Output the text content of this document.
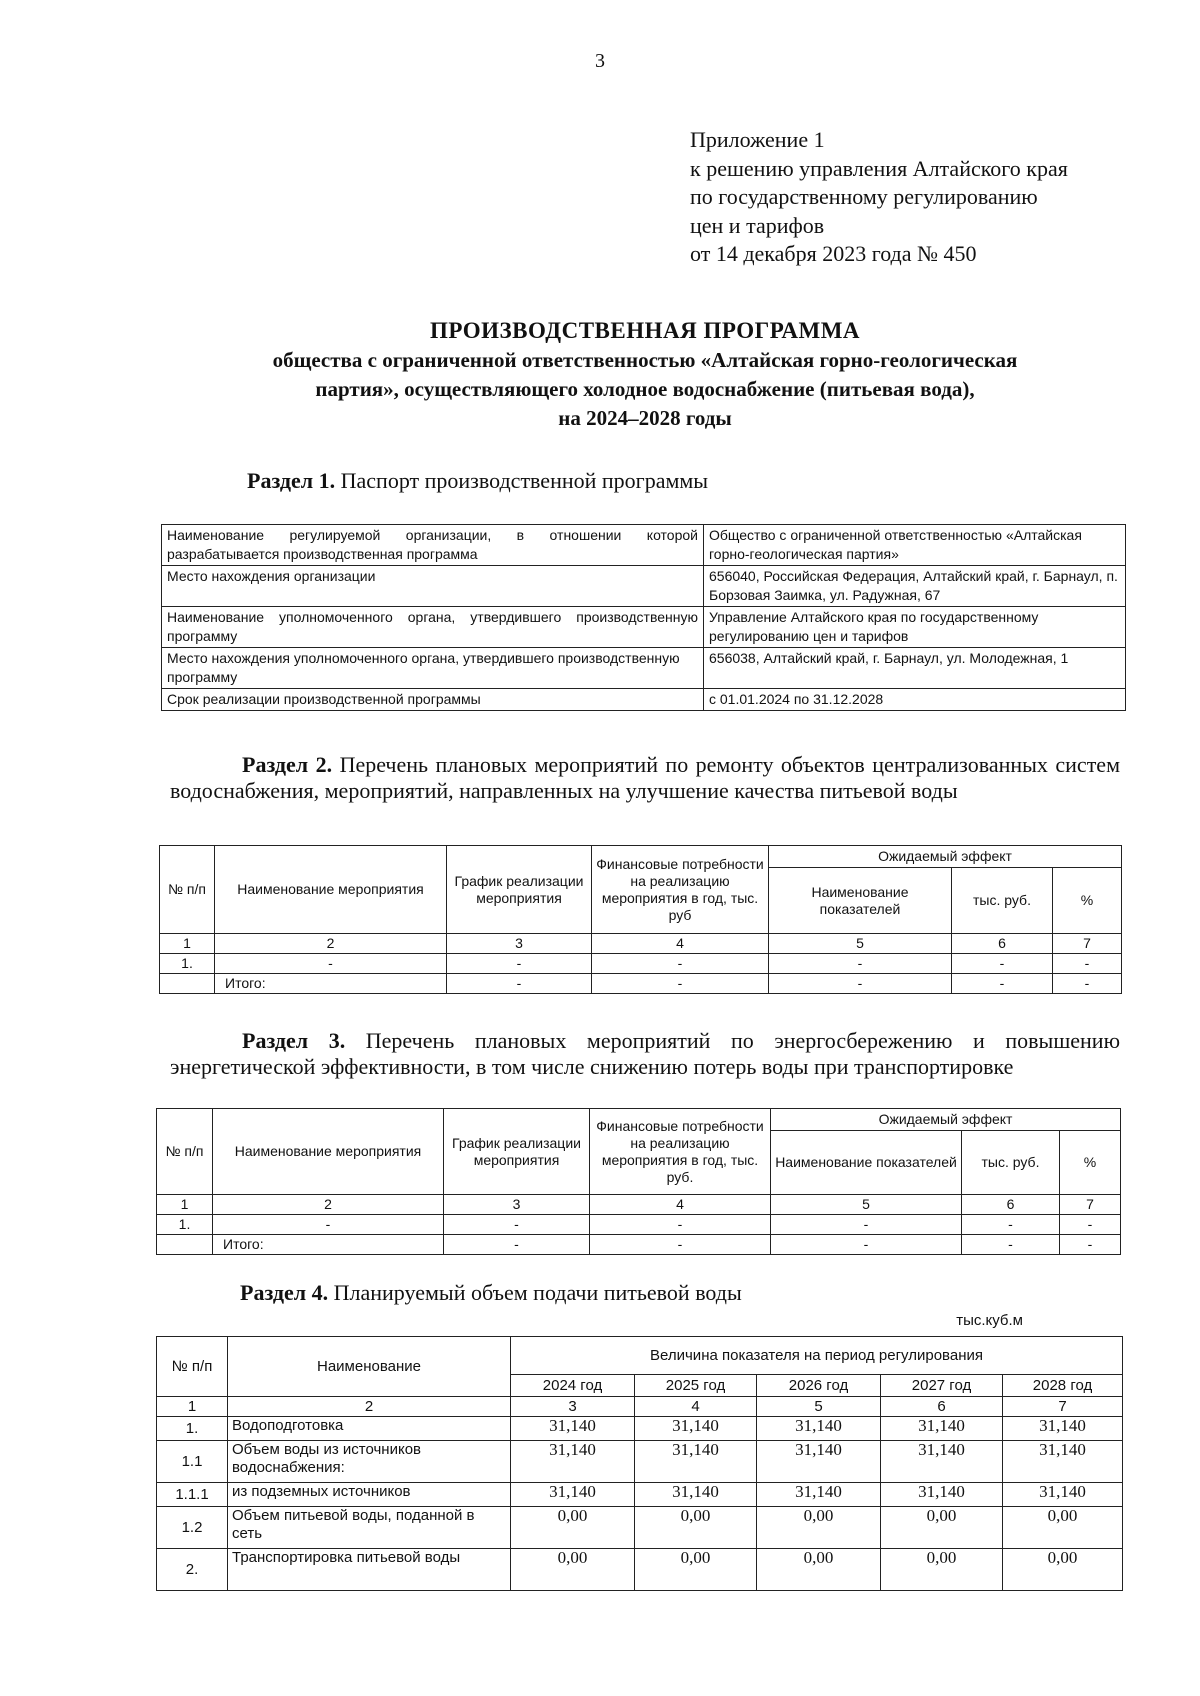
3
Приложение 1
к решению управления Алтайского края
по государственному регулированию
цен и тарифов
от 14 декабря 2023 года № 450
ПРОИЗВОДСТВЕННАЯ ПРОГРАММА
общества с ограниченной ответственностью «Алтайская горно-геологическая
партия», осуществляющего холодное водоснабжение (питьевая вода),
на 2024–2028 годы
Раздел 1. Паспорт производственной программы
Наименование регулируемой организации, в отношении которой разрабатывается производственная программа	Общество с ограниченной ответственностью «Алтайская горно-геологическая партия»
Место нахождения организации	656040, Российская Федерация, Алтайский край, г. Барнаул, п. Борзовая Заимка, ул. Радужная, 67
Наименование уполномоченного органа, утвердившего производственную программу	Управление Алтайского края по государственному регулированию цен и тарифов
Место нахождения уполномоченного органа, утвердившего производственную программу	656038, Алтайский край, г. Барнаул, ул. Молодежная, 1
Срок реализации производственной программы	с 01.01.2024 по 31.12.2028
Раздел 2. Перечень плановых мероприятий по ремонту объектов централизованных систем водоснабжения, мероприятий, направленных на улучшение качества питьевой воды
№ п/п	Наименование мероприятия	График реализации мероприятия	Финансовые потребности на реализацию мероприятия в год, тыс. руб	Ожидаемый эффект		
				Наименование показателей	тыс. руб.	%
1	2	3	4	5	6	7
1.	-	-	-	-	-	-
	Итого:	-	-	-	-	-
Раздел 3. Перечень плановых мероприятий по энергосбережению и повышению энергетической эффективности, в том числе снижению потерь воды при транспортировке
№ п/п	Наименование мероприятия	График реализации мероприятия	Финансовые потребности на реализацию мероприятия в год, тыс. руб.	Ожидаемый эффект		
				Наименование показателей	тыс. руб.	%
1	2	3	4	5	6	7
1.	-	-	-	-	-	-
	Итого:	-	-	-	-	-
Раздел 4. Планируемый объем подачи питьевой воды
тыс.куб.м
№ п/п	Наименование	Величина показателя на период регулирования				
		2024 год	2025 год	2026 год	2027 год	2028 год
1	2	3	4	5	6	7
1.	Водоподготовка	31,140	31,140	31,140	31,140	31,140
1.1	Объем воды из источников водоснабжения:	31,140	31,140	31,140	31,140	31,140
1.1.1	из подземных источников	31,140	31,140	31,140	31,140	31,140
1.2	Объем питьевой воды, поданной в сеть	0,00	0,00	0,00	0,00	0,00
2.	Транспортировка питьевой воды	0,00	0,00	0,00	0,00	0,00
